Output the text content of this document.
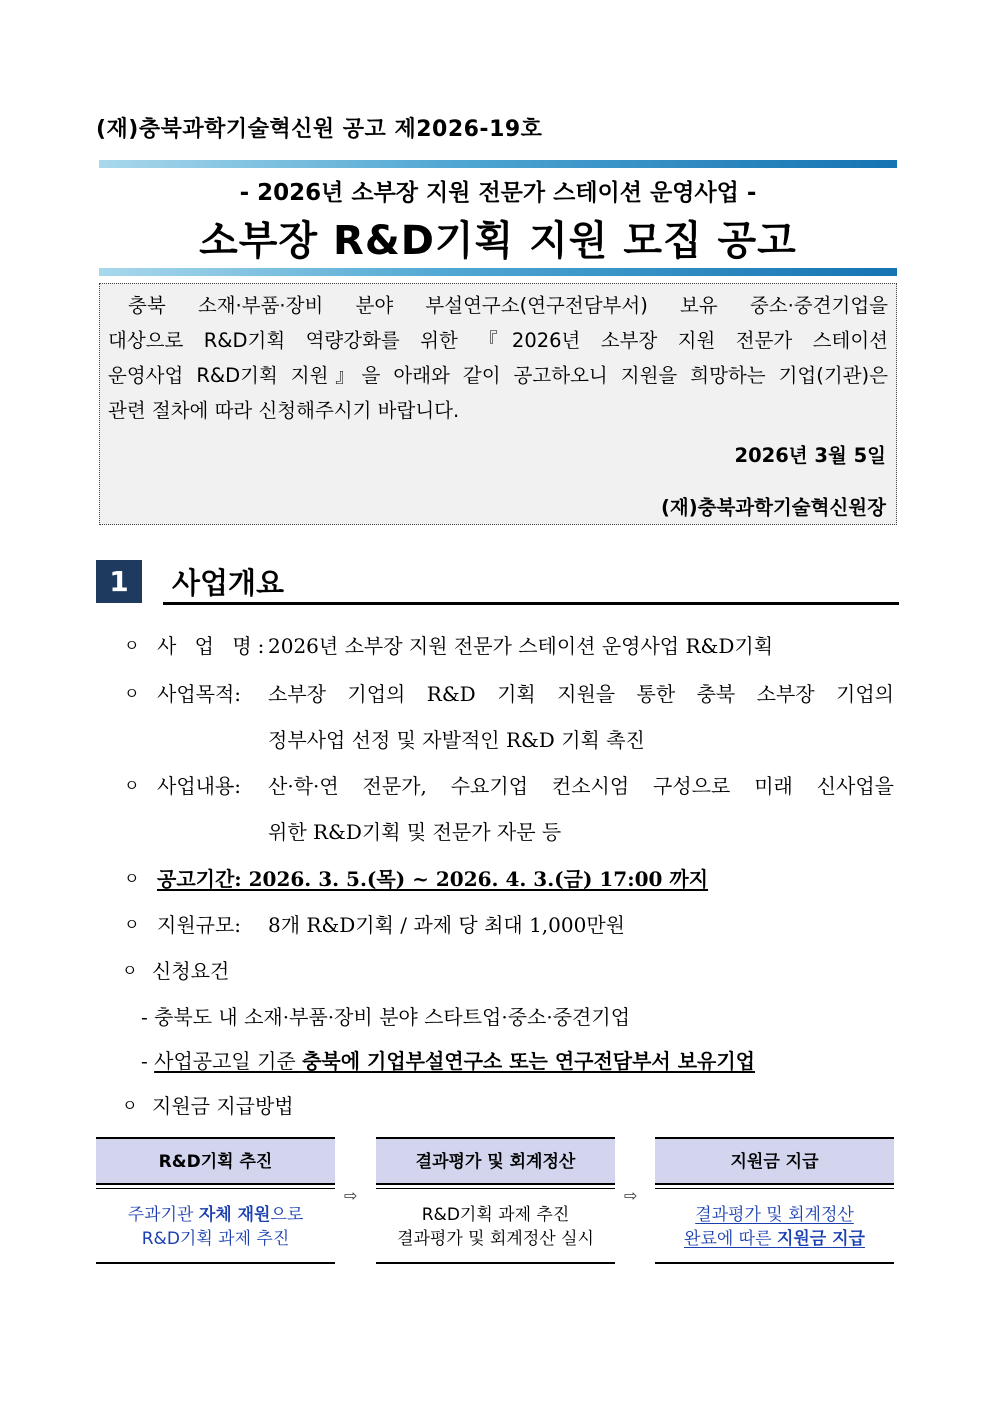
(재)충북과학기술혁신원 공고 제2026-19호
- 2026년 소부장 지원 전문가 스테이션 운영사업 -
소부장 R&D기획 지원 모집 공고
충북 소재·부품·장비 분야 부설연구소(연구전담부서) 보유 중소·중견기업을
대상으로 R&D기획 역량강화를 위한 『2026년 소부장 지원 전문가 스테이션
운영사업 R&D기획 지원』을 아래와 같이 공고하오니 지원을 희망하는 기업(기관)은
관련 절차에 따라 신청해주시기 바랍니다.
2026년 3월 5일
(재)충북과학기술혁신원장
1	사업개요
ㅇ 사 업 명:
2026년 소부장 지원 전문가 스테이션 운영사업 R&D기획
ㅇ 사업목적: 소부장 기업의 R&D 기획 지원을 통한 충북 소부장 기업의
정부사업 선정 및 자발적인 R&D 기획 촉진
ㅇ 사업내용: 산·학·연 전문가, 수요기업 컨소시엄 구성으로 미래 신사업을
위한 R&D기획 및 전문가 자문 등
ㅇ 공고기간: 2026. 3. 5.(목) ~ 2026. 4. 3.(금) 17:00 까지
ㅇ 지원규모: 8개 R&D기획 / 과제 당 최대 1,000만원
ㅇ 신청요건
- 충북도 내 소재·부품·장비 분야 스타트업·중소·중견기업
- 사업공고일 기준 충북에 기업부설연구소 또는 연구전담부서 보유기업
ㅇ 지원금 지급방법
R&D기획 추진
주과기관 자체 재원으로
R&D기획 과제 추진
⇨
결과평가 및 회계정산
R&D기획 과제 추진
결과평가 및 회계정산 실시
⇨
지원금 지급
결과평가 및 회계정산
완료에 따른 지원금 지급
